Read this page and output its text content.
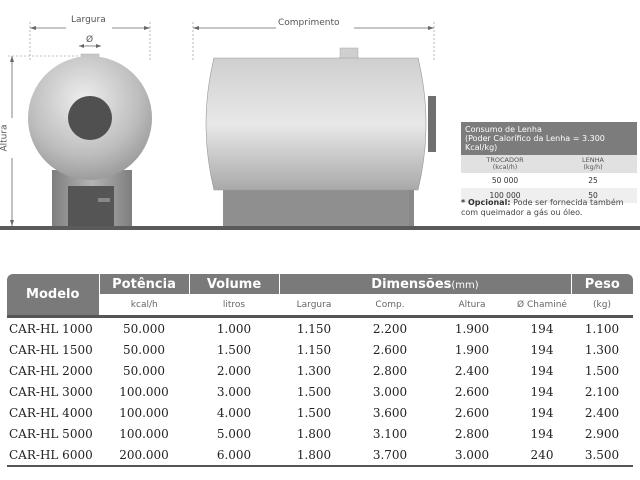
Largura
Ø
Comprimento
Altura	Consumo de Lenha
(Poder Calorífico da Lenha = 3.300 Kcal/kg)
TROCADOR
(kcal/h)
LENHA
(kg/h)
50 000	25
100 000	50
* Opcional: Pode ser fornecida também com queimador a gás ou óleo.
Modelo	Potência	Volume	Dimensões(mm)				Peso
	kcal/h	litros	Largura	Comp.	Altura	Ø Chaminé	(kg)
CAR-HL 1000	50.000	1.000	1.150	2.200	1.900	194	1.100
CAR-HL 1500	50.000	1.500	1.150	2.600	1.900	194	1.300
CAR-HL 2000	50.000	2.000	1.300	2.800	2.400	194	1.500
CAR-HL 3000	100.000	3.000	1.500	3.000	2.600	194	2.100
CAR-HL 4000	100.000	4.000	1.500	3.600	2.600	194	2.400
CAR-HL 5000	100.000	5.000	1.800	3.100	2.800	194	2.900
CAR-HL 6000	200.000	6.000	1.800	3.700	3.000	240	3.500
